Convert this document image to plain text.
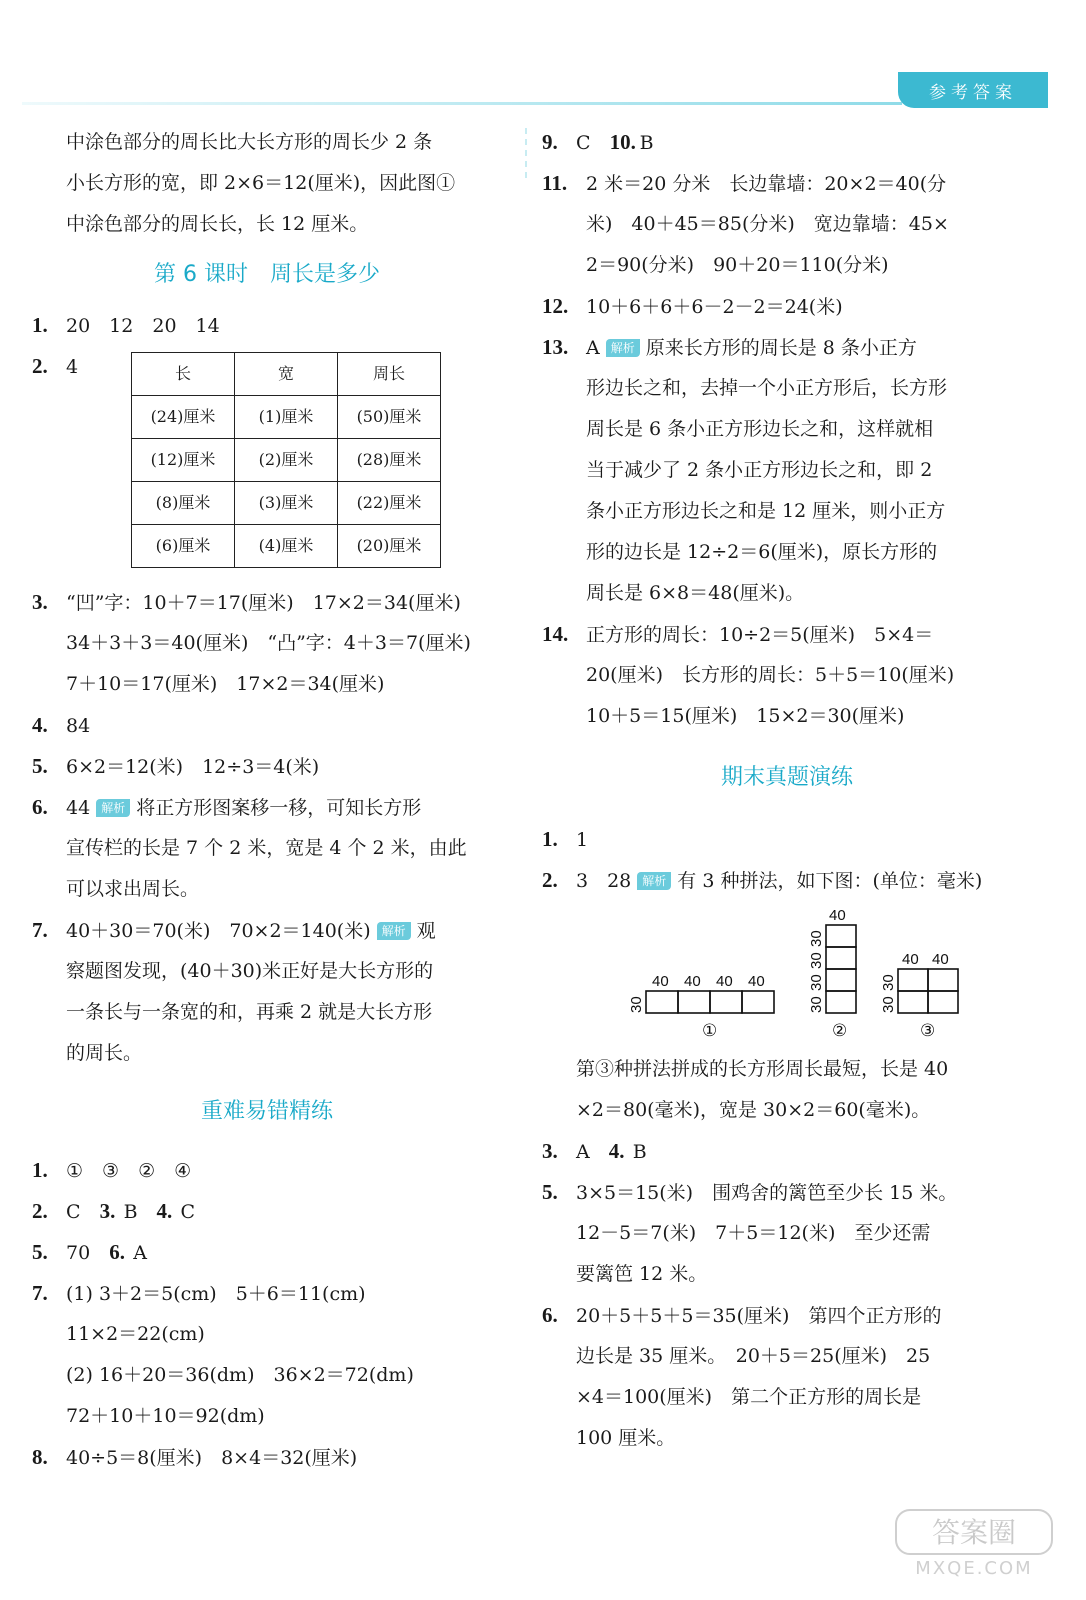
参考答案
中涂色部分的周长比大长方形的周长少 2 条
小长方形的宽，即 2×6＝12(厘米)，因此图①
中涂色部分的周长长，长 12 厘米。
第 6 课时　周长是多少
1. 20　12　20　14
2. 4	长	宽	周长
(24)厘米	(1)厘米	(50)厘米
(12)厘米	(2)厘米	(28)厘米
(8)厘米	(3)厘米	(22)厘米
(6)厘米	(4)厘米	(20)厘米
3. “凹”字：10＋7＝17(厘米)　17×2＝34(厘米)
34＋3＋3＝40(厘米)　“凸”字：4＋3＝7(厘米)
7＋10＝17(厘米)　17×2＝34(厘米)
4. 84
5. 6×2＝12(米)　12÷3＝4(米)
6. 44 解析 将正方形图案移一移，可知长方形
宣传栏的长是 7 个 2 米，宽是 4 个 2 米，由此
可以求出周长。
7. 40＋30＝70(米)　70×2＝140(米) 解析 观
察题图发现，(40＋30)米正好是大长方形的
一条长与一条宽的和，再乘 2 就是大长方形
的周长。
重难易错精练
1. ①　③　②　④
2. C　 3. B　 4. C
5. 70　 6. A
7. (1) 3＋2＝5(cm)　5＋6＝11(cm)
11×2＝22(cm)
(2) 16＋20＝36(dm)　36×2＝72(dm)
72＋10＋10＝92(dm)
8. 40÷5＝8(厘米)　8×4＝32(厘米)
9. C　 10. B
11. 2 米＝20 分米　长边靠墙：20×2＝40(分
米)　40＋45＝85(分米)　宽边靠墙：45×
2＝90(分米)　90＋20＝110(分米)
12. 10＋6＋6＋6－2－2＝24(米)
13. A 解析 原来长方形的周长是 8 条小正方
形边长之和，去掉一个小正方形后，长方形
周长是 6 条小正方形边长之和，这样就相
当于减少了 2 条小正方形边长之和，即 2
条小正方形边长之和是 12 厘米，则小正方
形的边长是 12÷2＝6(厘米)，原长方形的
周长是 6×8＝48(厘米)。
14. 正方形的周长：10÷2＝5(厘米)　5×4＝
20(厘米)　长方形的周长：5＋5＝10(厘米)
10＋5＝15(厘米)　15×2＝30(厘米)
期末真题演练
1. 1
2. 3　28 解析 有 3 种拼法，如下图：(单位：毫米)
40 40 40 40
30
①
40
30
30
30
30
②
40 40
30
30
③
第③种拼法拼成的长方形周长最短，长是 40
×2＝80(毫米)，宽是 30×2＝60(毫米)。
3. A　 4. B
5. 3×5＝15(米)　围鸡舍的篱笆至少长 15 米。
12－5＝7(米)　7＋5＝12(米)　至少还需
要篱笆 12 米。
6. 20＋5＋5＋5＝35(厘米)　第四个正方形的
边长是 35 厘米。　20＋5＝25(厘米)　25
×4＝100(厘米)　第二个正方形的周长是
100 厘米。
答案圈
MXQE.COM
